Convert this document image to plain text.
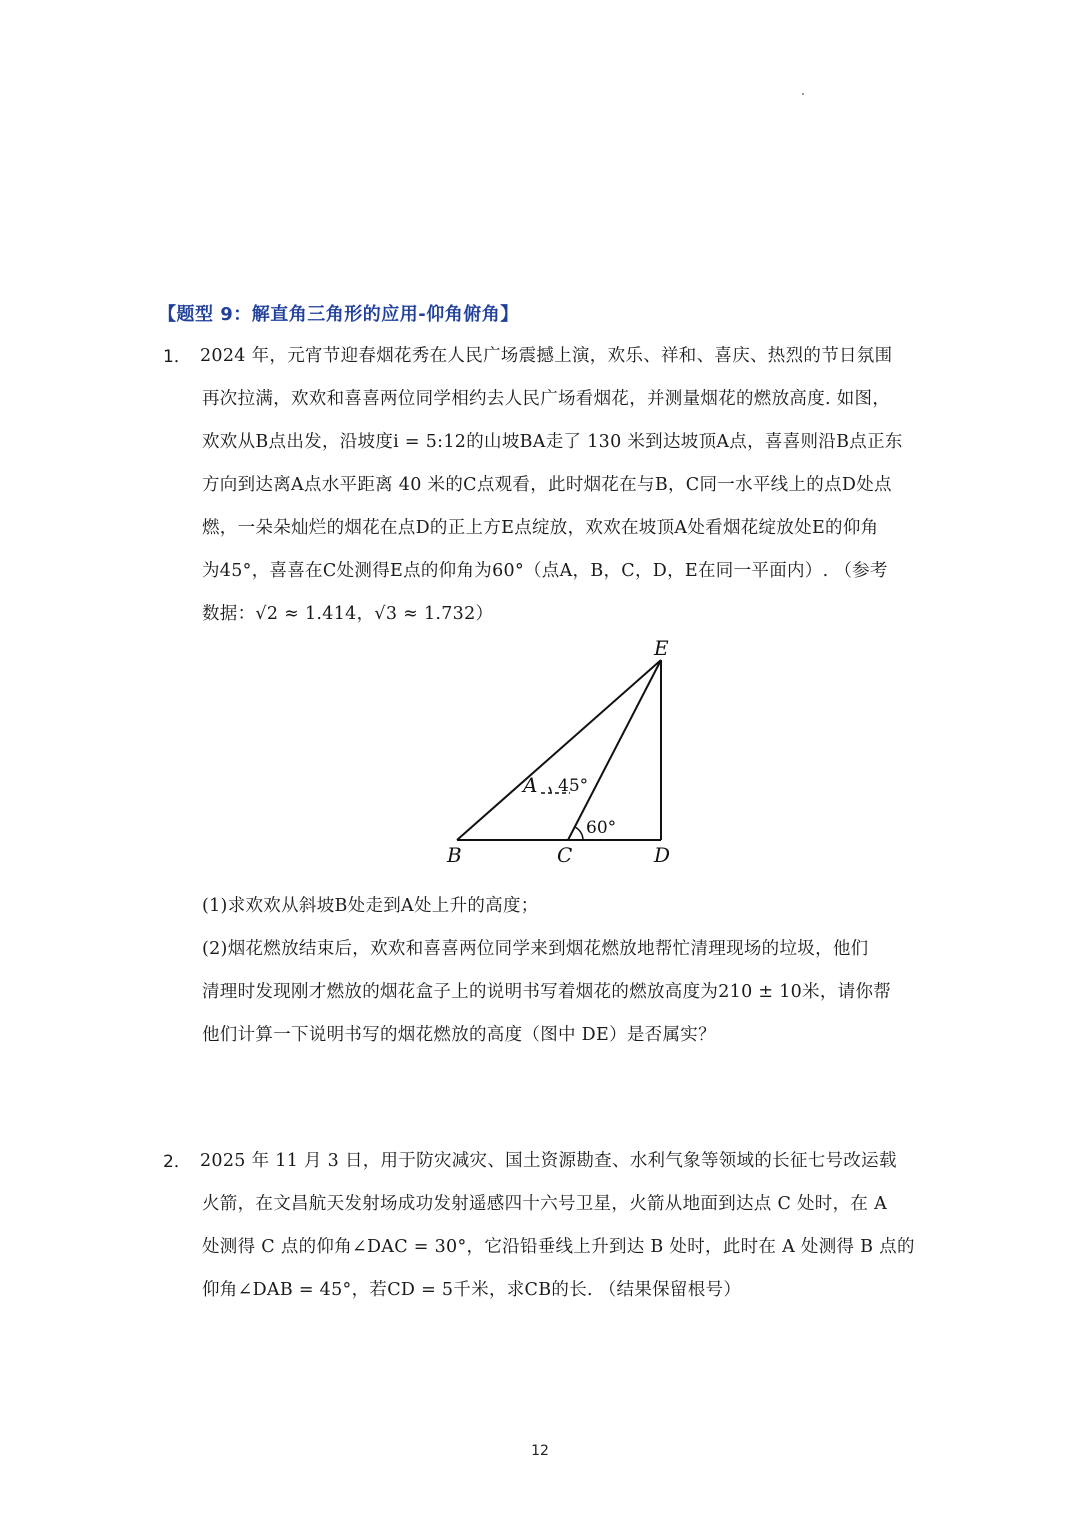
【题型 9：解直角三角形的应用-仰角俯角】
1． 2024 年，元宵节迎春烟花秀在人民广场震撼上演，欢乐、祥和、喜庆、热烈的节日氛围
再次拉满，欢欢和喜喜两位同学相约去人民广场看烟花，并测量烟花的燃放高度. 如图，
欢欢从B点出发，沿坡度i = 5:12的山坡BA走了 130 米到达坡顶A点，喜喜则沿B点正东
方向到达离A点水平距离 40 米的C点观看，此时烟花在与B，C同一水平线上的点D处点
燃，一朵朵灿烂的烟花在点D的正上方E点绽放，欢欢在坡顶A处看烟花绽放处E的仰角
为45°，喜喜在C处测得E点的仰角为60°（点A，B，C，D，E在同一平面内）. （参考
数据：√2 ≈ 1.414，√3 ≈ 1.732）
E
A
B	C	D
45°
60°
(1)求欢欢从斜坡B处走到A处上升的高度；
(2)烟花燃放结束后，欢欢和喜喜两位同学来到烟花燃放地帮忙清理现场的垃圾，他们
清理时发现刚才燃放的烟花盒子上的说明书写着烟花的燃放高度为210 ± 10米，请你帮
他们计算一下说明书写的烟花燃放的高度（图中 DE）是否属实？
2． 2025 年 11 月 3 日，用于防灾减灾、国土资源勘查、水利气象等领域的长征七号改运载
火箭，在文昌航天发射场成功发射遥感四十六号卫星，火箭从地面到达点 C 处时，在 A
处测得 C 点的仰角∠DAC = 30°，它沿铅垂线上升到达 B 处时，此时在 A 处测得 B 点的
仰角∠DAB = 45°，若CD = 5千米，求CB的长. （结果保留根号）
12
